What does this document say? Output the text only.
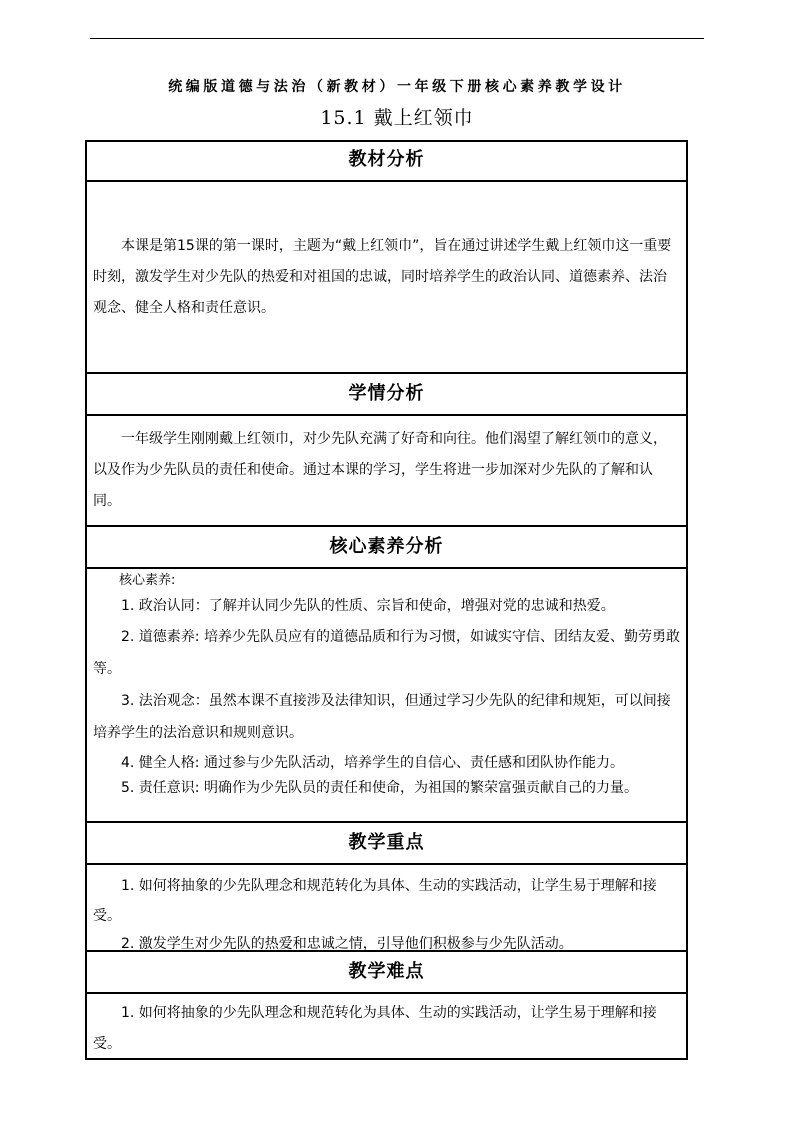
统编版道德与法治（新教材）一年级下册核心素养教学设计
15.1 戴上红领巾
教材分析

本课是第15课的第一课时，主题为“戴上红领巾”，旨在通过讲述学生戴上红领巾这一重要时刻，激发学生对少先队的热爱和对祖国的忠诚，同时培养学生的政治认同、道德素养、法治观念、健全人格和责任意识。

学情分析

一年级学生刚刚戴上红领巾，对少先队充满了好奇和向往。他们渴望了解红领巾的意义，以及作为少先队员的责任和使命。通过本课的学习，学生将进一步加深对少先队的了解和认同。

核心素养分析

核心素养:

1. 政治认同：了解并认同少先队的性质、宗旨和使命，增强对党的忠诚和热爱。

2. 道德素养: 培养少先队员应有的道德品质和行为习惯，如诚实守信、团结友爱、勤劳勇敢等。

3. 法治观念：虽然本课不直接涉及法律知识，但通过学习少先队的纪律和规矩，可以间接培养学生的法治意识和规则意识。

4. 健全人格: 通过参与少先队活动，培养学生的自信心、责任感和团队协作能力。

5. 责任意识: 明确作为少先队员的责任和使命，为祖国的繁荣富强贡献自己的力量。

教学重点

1. 如何将抽象的少先队理念和规范转化为具体、生动的实践活动，让学生易于理解和接受。

2. 激发学生对少先队的热爱和忠诚之情，引导他们积极参与少先队活动。

教学难点

1. 如何将抽象的少先队理念和规范转化为具体、生动的实践活动，让学生易于理解和接受。
